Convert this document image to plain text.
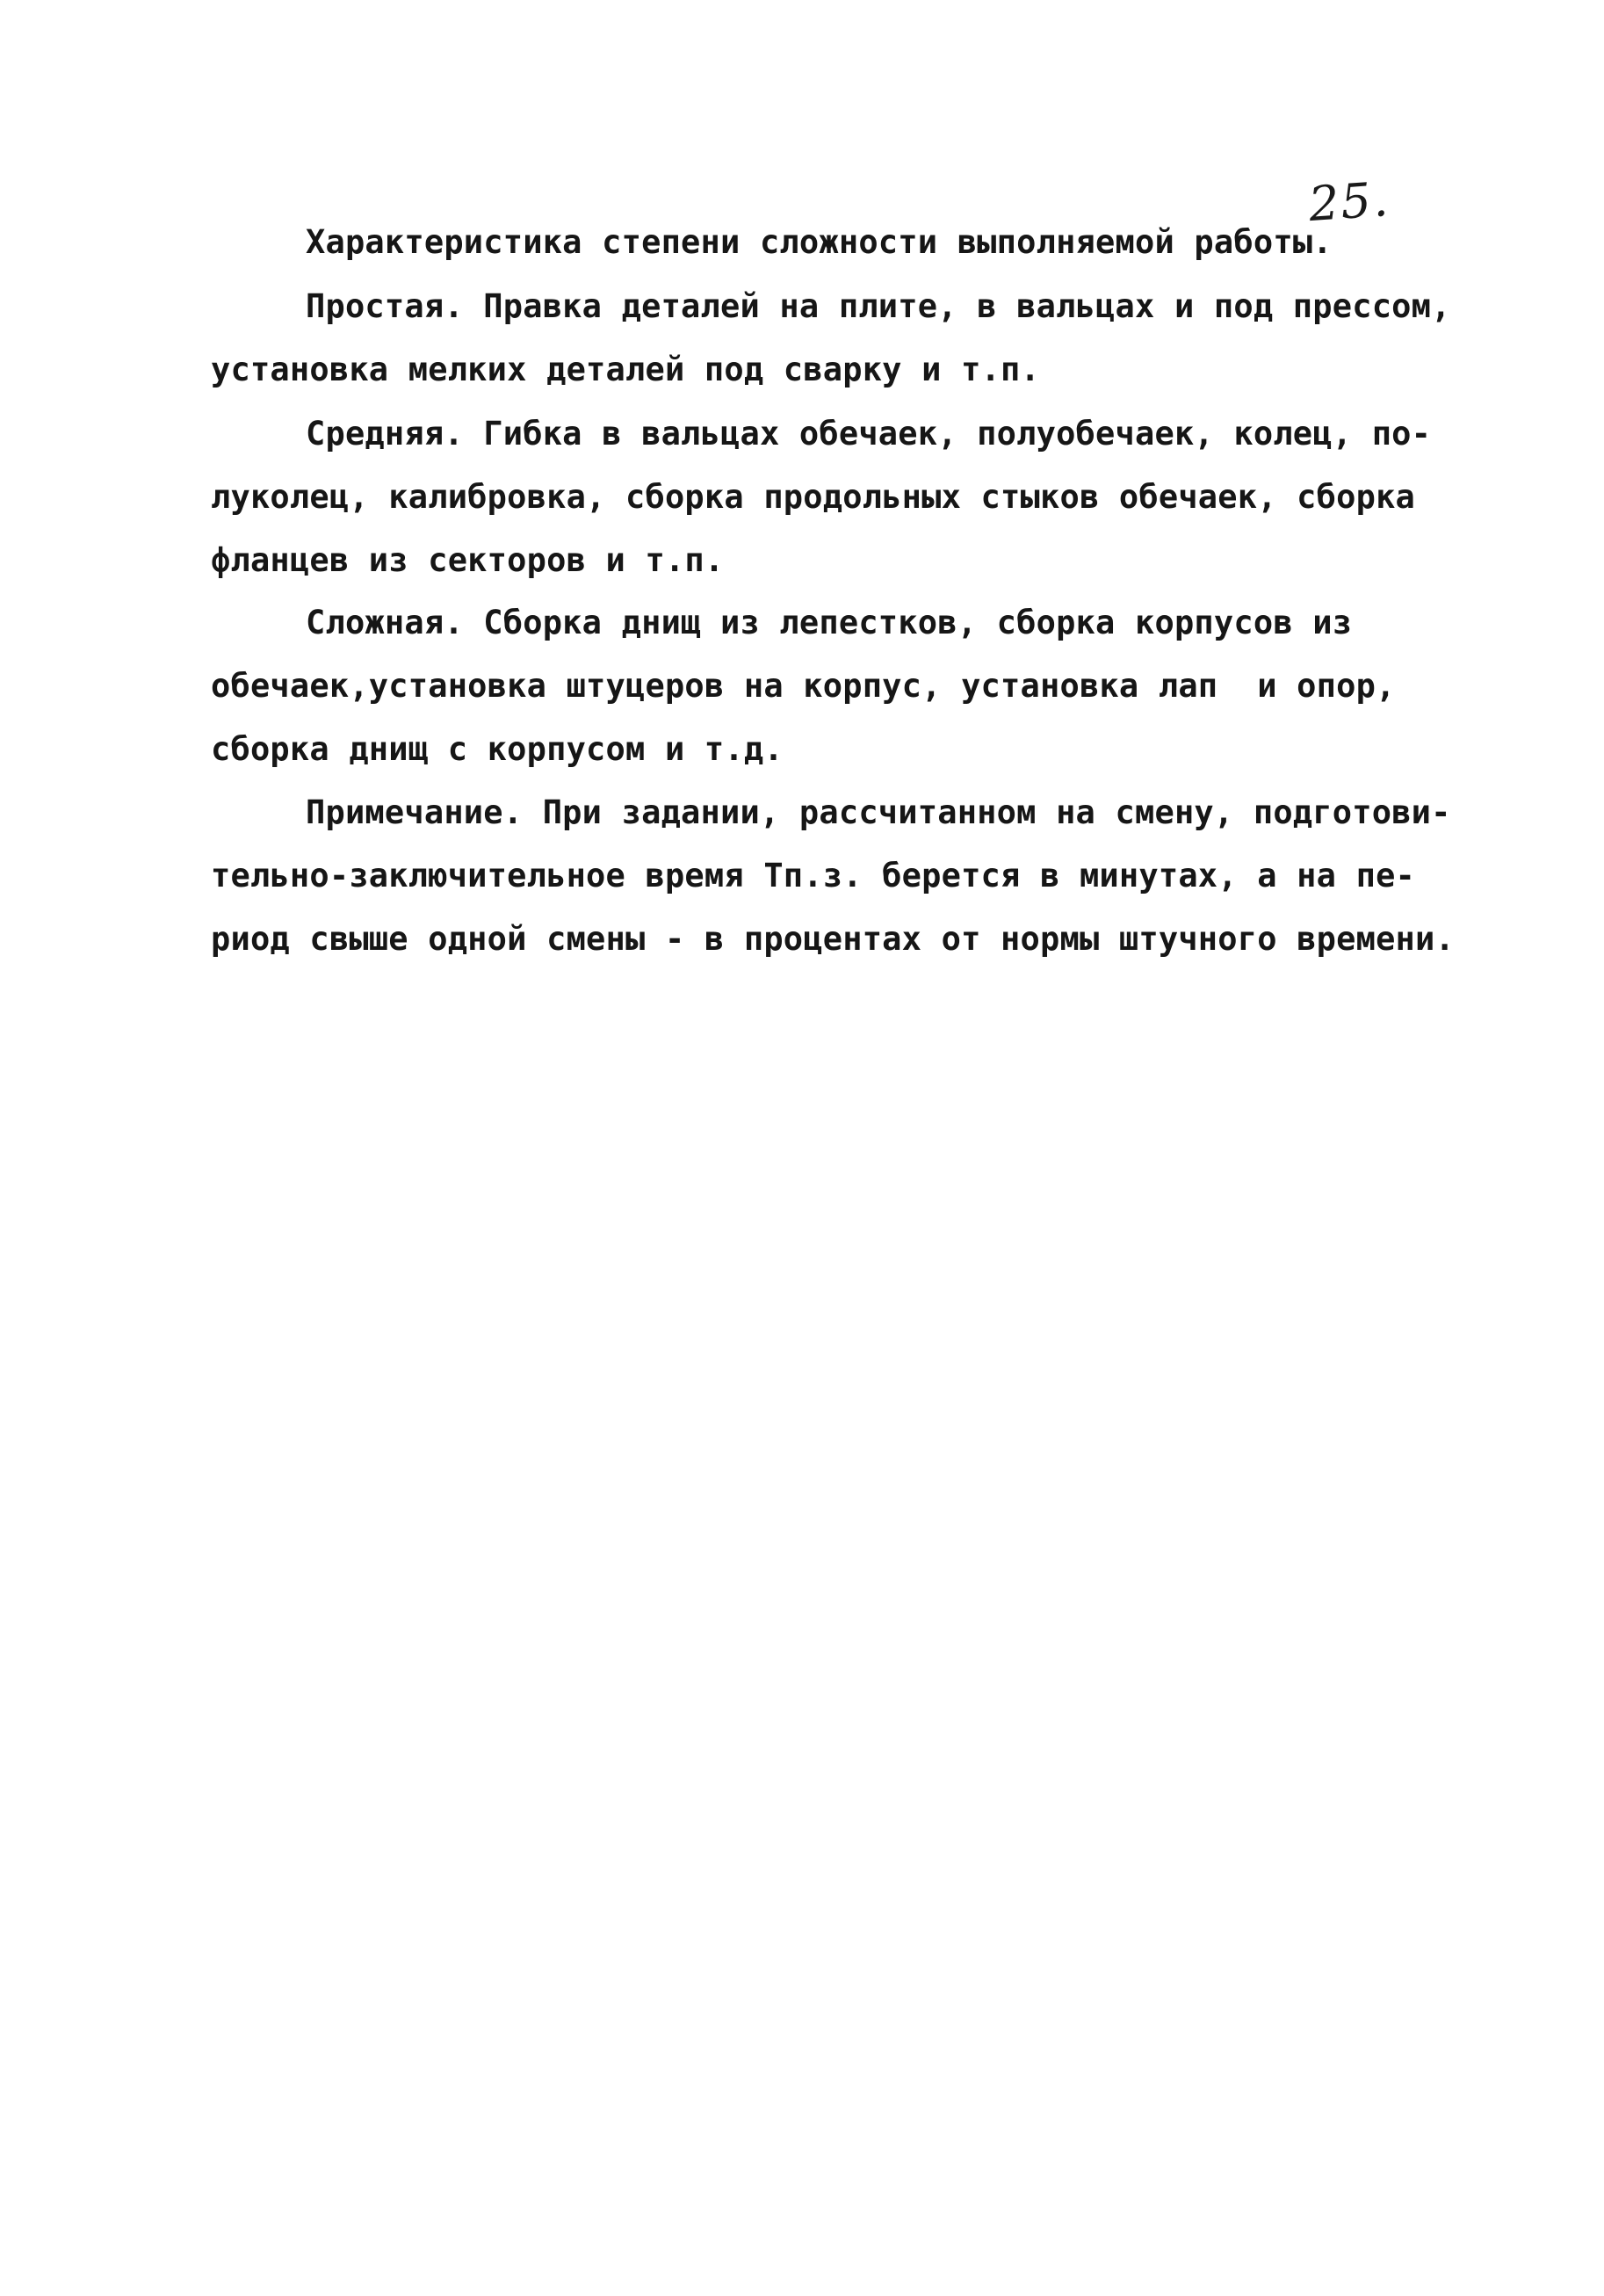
25.
Характеристика степени сложности выполняемой работы.
Простая. Правка деталей на плите, в вальцах и под прессом,
установка мелких деталей под сварку и т.п.
Средняя. Гибка в вальцах обечаек, полуобечаек, колец, по-
луколец, калибровка, сборка продольных стыков обечаек, сборка
фланцев из секторов и т.п.
Сложная. Сборка днищ из лепестков, сборка корпусов из
обечаек,установка штуцеров на корпус, установка лап  и опор,
сборка днищ с корпусом и т.д.
Примечание. При задании, рассчитанном на смену, подготови-
тельно-заключительное время Тп.з. берется в минутах, а на пе-
риод свыше одной смены - в процентах от нормы штучного времени.
